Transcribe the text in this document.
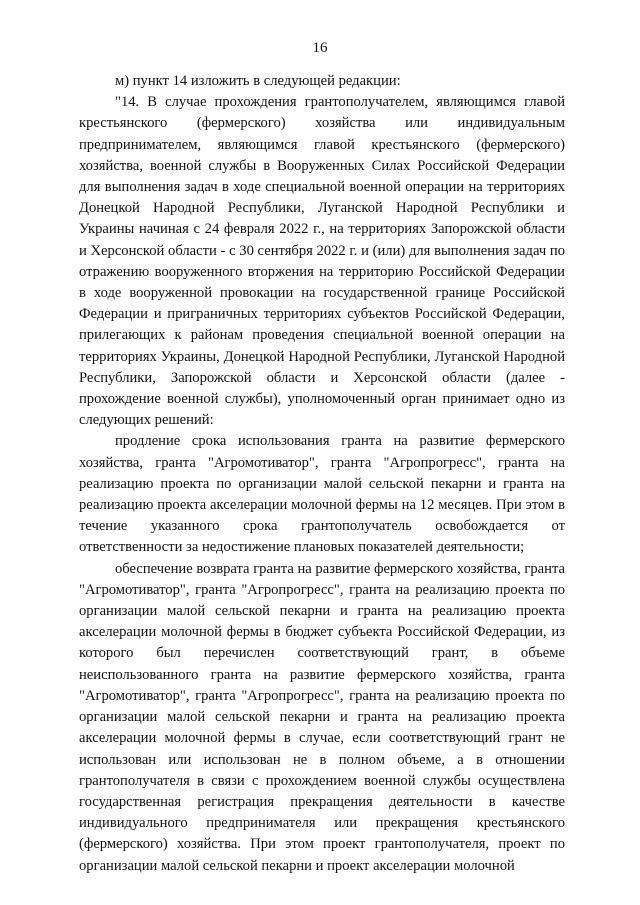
16

м) пункт 14 изложить в следующей редакции:

"14. В случае прохождения грантополучателем, являющимся главой крестьянского (фермерского) хозяйства или индивидуальным предпринимателем, являющимся главой крестьянского (фермерского) хозяйства, военной службы в Вооруженных Силах Российской Федерации для выполнения задач в ходе специальной военной операции на территориях Донецкой Народной Республики, Луганской Народной Республики и Украины начиная с 24 февраля 2022 г., на территориях Запорожской области и Херсонской области - с 30 сентября 2022 г. и (или) для выполнения задач по отражению вооруженного вторжения на территорию Российской Федерации в ходе вооруженной провокации на государственной границе Российской Федерации и приграничных территориях субъектов Российской Федерации, прилегающих к районам проведения специальной военной операции на территориях Украины, Донецкой Народной Республики, Луганской Народной Республики, Запорожской области и Херсонской области (далее - прохождение военной службы), уполномоченный орган принимает одно из следующих решений:

продление срока использования гранта на развитие фермерского хозяйства, гранта "Агромотиватор", гранта "Агропрогресс", гранта на реализацию проекта по организации малой сельской пекарни и гранта на реализацию проекта акселерации молочной фермы на 12 месяцев. При этом в течение указанного срока грантополучатель освобождается от ответственности за недостижение плановых показателей деятельности;

обеспечение возврата гранта на развитие фермерского хозяйства, гранта "Агромотиватор", гранта "Агропрогресс", гранта на реализацию проекта по организации малой сельской пекарни и гранта на реализацию проекта акселерации молочной фермы в бюджет субъекта Российской Федерации, из которого был перечислен соответствующий грант, в объеме неиспользованного гранта на развитие фермерского хозяйства, гранта "Агромотиватор", гранта "Агропрогресс", гранта на реализацию проекта по организации малой сельской пекарни и гранта на реализацию проекта акселерации молочной фермы в случае, если соответствующий грант не использован или использован не в полном объеме, а в отношении грантополучателя в связи с прохождением военной службы осуществлена государственная регистрация прекращения деятельности в качестве индивидуального предпринимателя или прекращения крестьянского (фермерского) хозяйства. При этом проект грантополучателя, проект по организации малой сельской пекарни и проект акселерации молочной
